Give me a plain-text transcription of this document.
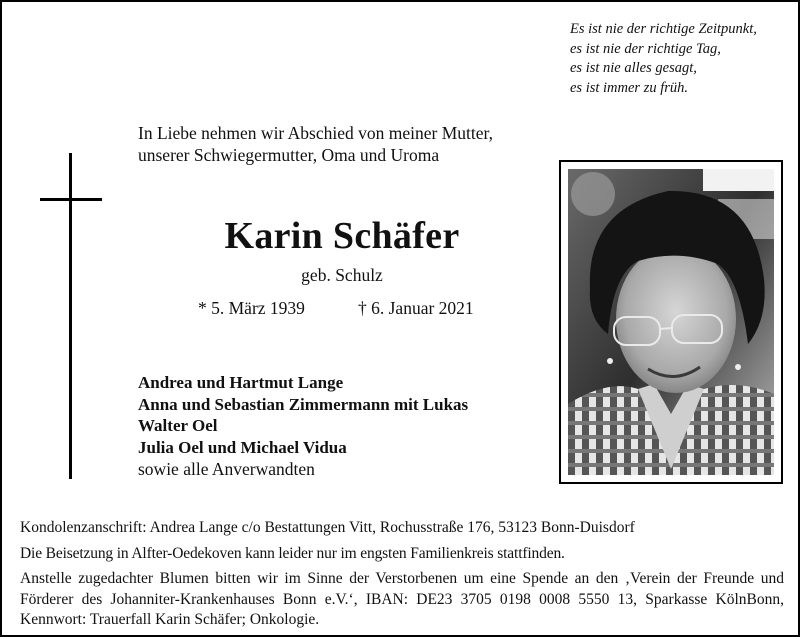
Es ist nie der richtige Zeitpunkt,
es ist nie der richtige Tag,
es ist nie alles gesagt,
es ist immer zu früh.
In Liebe nehmen wir Abschied von meiner Mutter,
unserer Schwiegermutter, Oma und Uroma
Karin Schäfer
geb. Schulz
* 5. März 1939	† 6. Januar 2021
Andrea und Hartmut Lange
Anna und Sebastian Zimmermann mit Lukas
Walter Oel
Julia Oel und Michael Vidua
sowie alle Anverwandten
Kondolenzanschrift: Andrea Lange c/o Bestattungen Vitt, Rochusstraße 176, 53123 Bonn-Duisdorf
Die Beisetzung in Alfter-Oedekoven kann leider nur im engsten Familienkreis stattfinden.
Anstelle zugedachter Blumen bitten wir im Sinne der Verstorbenen um eine Spende an den ‚Verein der Freunde und Förderer des Johanniter-Krankenhauses Bonn e.V.‘, IBAN: DE23 3705 0198 0008 5550 13, Sparkasse KölnBonn, Kennwort: Trauerfall Karin Schäfer; Onkologie.
